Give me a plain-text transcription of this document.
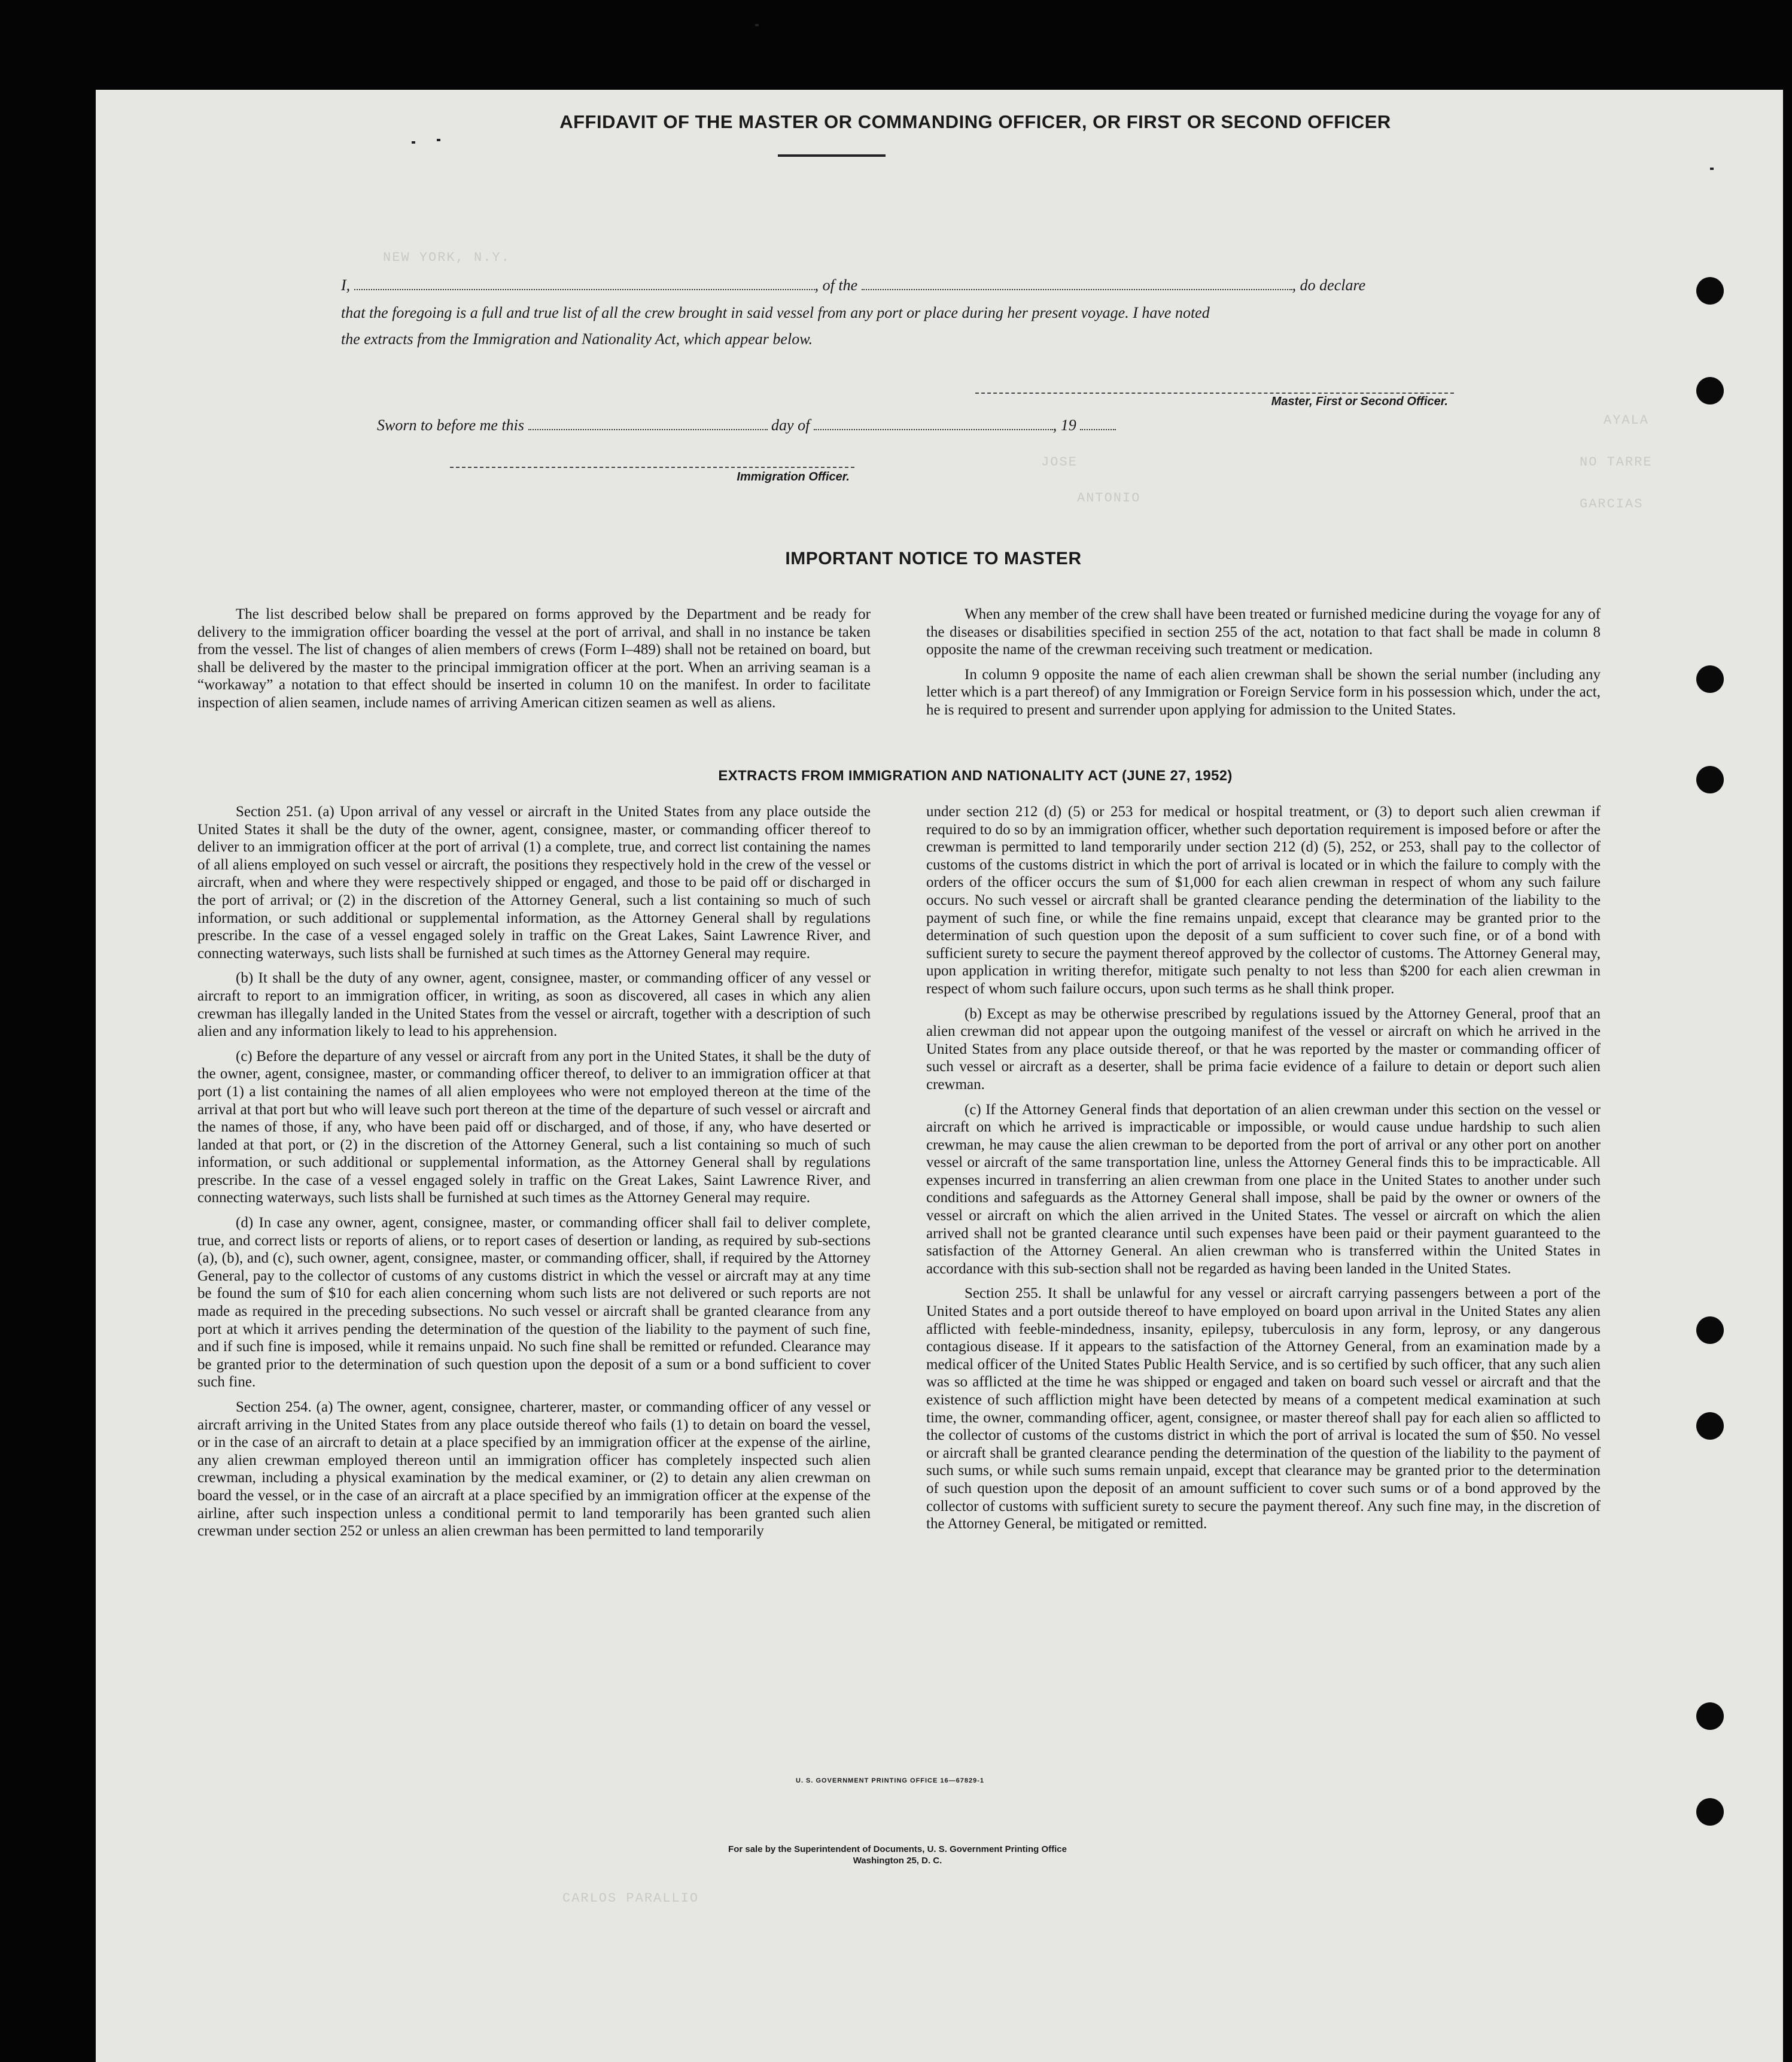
NEW YORK, N.Y.
AYALA
NO TARRE
GARCIAS
JOSE
ANTONIO
CARLOS PARALLIO
AFFIDAVIT OF THE MASTER OR COMMANDING OFFICER, OR FIRST OR SECOND OFFICER
I,	, of the	, do declare
that the foregoing is a full and true list of all the crew brought in said vessel from any port or place during her present voyage. I have noted
the extracts from the Immigration and Nationality Act, which appear below.
Master, First or Second Officer.
Sworn to before me this	day of	, 19
Immigration Officer.
IMPORTANT NOTICE TO MASTER

The list described below shall be prepared on forms approved by the Department and be ready for delivery to the immigration officer boarding the vessel at the port of arrival, and shall in no instance be taken from the vessel. The list of changes of alien members of crews (Form I–489) shall not be retained on board, but shall be delivered by the master to the principal immigration officer at the port. When an arriving seaman is a “workaway” a notation to that effect should be inserted in column 10 on the manifest. In order to facilitate inspection of alien seamen, include names of arriving American citizen seamen as well as aliens.

When any member of the crew shall have been treated or furnished medicine during the voyage for any of the diseases or disabilities specified in section 255 of the act, notation to that fact shall be made in column 8 opposite the name of the crewman receiving such treatment or medication.

In column 9 opposite the name of each alien crewman shall be shown the serial number (including any letter which is a part thereof) of any Immigration or Foreign Service form in his possession which, under the act, he is required to present and surrender upon applying for admission to the United States.

EXTRACTS FROM IMMIGRATION AND NATIONALITY ACT (JUNE 27, 1952)

Section 251. (a) Upon arrival of any vessel or aircraft in the United States from any place outside the United States it shall be the duty of the owner, agent, consignee, master, or commanding officer thereof to deliver to an immigration officer at the port of arrival (1) a complete, true, and correct list containing the names of all aliens employed on such vessel or aircraft, the positions they respectively hold in the crew of the vessel or aircraft, when and where they were respectively shipped or engaged, and those to be paid off or discharged in the port of arrival; or (2) in the discretion of the Attorney General, such a list containing so much of such information, or such additional or supplemental information, as the Attorney General shall by regulations prescribe. In the case of a vessel engaged solely in traffic on the Great Lakes, Saint Lawrence River, and connecting waterways, such lists shall be furnished at such times as the Attorney General may require.

(b) It shall be the duty of any owner, agent, consignee, master, or commanding officer of any vessel or aircraft to report to an immigration officer, in writing, as soon as discovered, all cases in which any alien crewman has illegally landed in the United States from the vessel or aircraft, together with a description of such alien and any information likely to lead to his apprehension.

(c) Before the departure of any vessel or aircraft from any port in the United States, it shall be the duty of the owner, agent, consignee, master, or commanding officer thereof, to deliver to an immigration officer at that port (1) a list containing the names of all alien employees who were not employed thereon at the time of the arrival at that port but who will leave such port thereon at the time of the departure of such vessel or aircraft and the names of those, if any, who have been paid off or discharged, and of those, if any, who have deserted or landed at that port, or (2) in the discretion of the Attorney General, such a list containing so much of such information, or such additional or supplemental information, as the Attorney General shall by regulations prescribe. In the case of a vessel engaged solely in traffic on the Great Lakes, Saint Lawrence River, and connecting waterways, such lists shall be furnished at such times as the Attorney General may require.

(d) In case any owner, agent, consignee, master, or commanding officer shall fail to deliver complete, true, and correct lists or reports of aliens, or to report cases of desertion or landing, as required by sub-sections (a), (b), and (c), such owner, agent, consignee, master, or commanding officer, shall, if required by the Attorney General, pay to the collector of customs of any customs district in which the vessel or aircraft may at any time be found the sum of $10 for each alien concerning whom such lists are not delivered or such reports are not made as required in the preceding subsections. No such vessel or aircraft shall be granted clearance from any port at which it arrives pending the determination of the question of the liability to the payment of such fine, and if such fine is imposed, while it remains unpaid. No such fine shall be remitted or refunded. Clearance may be granted prior to the determination of such question upon the deposit of a sum or a bond sufficient to cover such fine.

Section 254. (a) The owner, agent, consignee, charterer, master, or commanding officer of any vessel or aircraft arriving in the United States from any place outside thereof who fails (1) to detain on board the vessel, or in the case of an aircraft to detain at a place specified by an immigration officer at the expense of the airline, any alien crewman employed thereon until an immigration officer has completely inspected such alien crewman, including a physical examination by the medical examiner, or (2) to detain any alien crewman on board the vessel, or in the case of an aircraft at a place specified by an immigration officer at the expense of the airline, after such inspection unless a conditional permit to land temporarily has been granted such alien crewman under section 252 or unless an alien crewman has been permitted to land temporarily

under section 212 (d) (5) or 253 for medical or hospital treatment, or (3) to deport such alien crewman if required to do so by an immigration officer, whether such deportation requirement is imposed before or after the crewman is permitted to land temporarily under section 212 (d) (5), 252, or 253, shall pay to the collector of customs of the customs district in which the port of arrival is located or in which the failure to comply with the orders of the officer occurs the sum of $1,000 for each alien crewman in respect of whom any such failure occurs. No such vessel or aircraft shall be granted clearance pending the determination of the liability to the payment of such fine, or while the fine remains unpaid, except that clearance may be granted prior to the determination of such question upon the deposit of a sum sufficient to cover such fine, or of a bond with sufficient surety to secure the payment thereof approved by the collector of customs. The Attorney General may, upon application in writing therefor, mitigate such penalty to not less than $200 for each alien crewman in respect of whom such failure occurs, upon such terms as he shall think proper.

(b) Except as may be otherwise prescribed by regulations issued by the Attorney General, proof that an alien crewman did not appear upon the outgoing manifest of the vessel or aircraft on which he arrived in the United States from any place outside thereof, or that he was reported by the master or commanding officer of such vessel or aircraft as a deserter, shall be prima facie evidence of a failure to detain or deport such alien crewman.

(c) If the Attorney General finds that deportation of an alien crewman under this section on the vessel or aircraft on which he arrived is impracticable or impossible, or would cause undue hardship to such alien crewman, he may cause the alien crewman to be deported from the port of arrival or any other port on another vessel or aircraft of the same transportation line, unless the Attorney General finds this to be impracticable. All expenses incurred in transferring an alien crewman from one place in the United States to another under such conditions and safeguards as the Attorney General shall impose, shall be paid by the owner or owners of the vessel or aircraft on which the alien arrived in the United States. The vessel or aircraft on which the alien arrived shall not be granted clearance until such expenses have been paid or their payment guaranteed to the satisfaction of the Attorney General. An alien crewman who is transferred within the United States in accordance with this sub-section shall not be regarded as having been landed in the United States.

Section 255. It shall be unlawful for any vessel or aircraft carrying passengers between a port of the United States and a port outside thereof to have employed on board upon arrival in the United States any alien afflicted with feeble-mindedness, insanity, epilepsy, tuberculosis in any form, leprosy, or any dangerous contagious disease. If it appears to the satisfaction of the Attorney General, from an examination made by a medical officer of the United States Public Health Service, and is so certified by such officer, that any such alien was so afflicted at the time he was shipped or engaged and taken on board such vessel or aircraft and that the existence of such affliction might have been detected by means of a competent medical examination at such time, the owner, commanding officer, agent, consignee, or master thereof shall pay for each alien so afflicted to the collector of customs of the customs district in which the port of arrival is located the sum of $50. No vessel or aircraft shall be granted clearance pending the determination of the question of the liability to the payment of such sums, or while such sums remain unpaid, except that clearance may be granted prior to the determination of such question upon the deposit of an amount sufficient to cover such sums or of a bond approved by the collector of customs with sufficient surety to secure the payment thereof. Any such fine may, in the discretion of the Attorney General, be mitigated or remitted.

U. S. GOVERNMENT PRINTING OFFICE 16—67829-1
For sale by the Superintendent of Documents, U. S. Government Printing Office
Washington 25, D. C.
